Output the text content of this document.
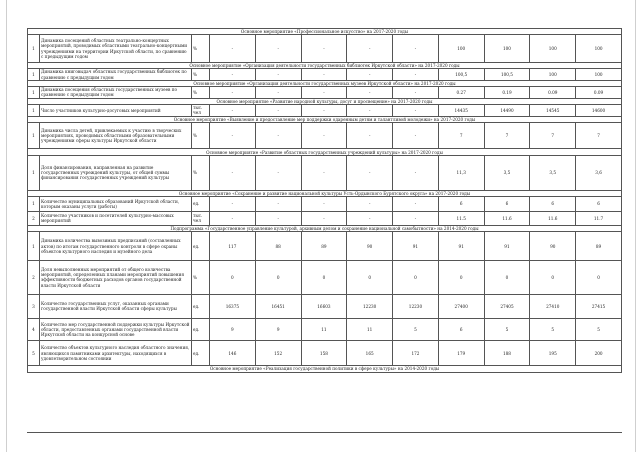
Основное мероприятие «Профессиональное искусство» на 2017-2020 годы											
1	Динамика посещений областных театрально-концертных мероприятий, проводимых областными театрально-концертными учреждениями на территории Иркутской области, по сравнению с предыдущим годом	%	-	-	-	-	-	100	100	100	100
Основное мероприятие «Организация деятельности государственных библиотек Иркутской области» на 2017-2020 годы											
1	Динамика книговыдач областных государственных библиотек по сравнению с предыдущим годом	%	-	-	-	-	-	100,5	100,5	100	100
Основное мероприятие «Организация деятельности государственных музеев Иркутской области» на 2017-2020 годы											
1	Динамика посещения областных государственных музеев по сравнению с предыдущим годом	%	-	-	-	-	-	0.27	0.19	0.09	0.09
Основное мероприятие «Развитие народной культуры, досуг и просвещение» на 2017-2020 годы											
1	Число участников культурно-досуговых мероприятий	тыс. чел	-	-	-	-	-	14435	14490	14545	14600
Основное мероприятие «Выявление и предоставление мер поддержки одаренным детям и талантливой молодежи» на 2017-2020 годы											
1	Динамика числа детей, привлекаемых к участию в творческих мероприятиях, проводимых областными образовательными учреждениями сферы культуры Иркутской области	%	-	-	-	-	-	7	7	7	7
Основное мероприятие «Развитие областных государственных учреждений культуры» на 2017-2020 годы											
1	Доля финансирования, направленная на развитие государственных учреждений культуры, от общей суммы финансирования государственных учреждений культуры	%	-	-	-	-	-	11,3	3,5	3,5	3,6
Основное мероприятие «Сохранение и развитие национальной культуры Усть-Ордынского Бурятского округа» на 2017-2020 годы											
1	Количество муниципальных образований Иркутской области, которым оказаны услуги (работы)	ед.	-	-	-	-	-	6	6	6	6
2	Количество участников и посетителей культурно-массовых мероприятий	тыс. чел	-	-	-	-	-	11.5	11.6	11.6	11.7
Подпрограмма «Государственное управление культурой, архивным делом и сохранение национальной самобытности» на 2014-2020 годы											
1	Динамика количества вывозимых предписаний (составленных актов) по итогам государственного контроля в сфере охраны объектов культурного наследия и музейного дела	ед.	117	88	89	90	91	91	91	90	89
2	Доля невыполненных мероприятий от общего количества мероприятий, определенных планами мероприятий повышения эффективности бюджетных расходов органов государственной власти Иркутской области	%	0	0	0	0	0	0	0	0	0
3	Количество государственных услуг, оказанных органами государственной власти Иркутской области сферы культуры	ед.	16375	16451	16603	12230	12230	27400	27405	27410	27415
4	Количество мер государственной поддержки культуры Иркутской области, предоставленных органами государственной власти Иркутской области на конкурсной основе	ед.	9	9	11	11	5	6	5	5	5
5	Количество объектов культурного наследия областного значения, являющихся памятниками архитектуры, находящихся в удовлетворительном состоянии	ед.	146	152	158	165	172	179	188	195	200
Основное мероприятие «Реализация государственной политики в сфере культуры» на 2014-2020 годы											
